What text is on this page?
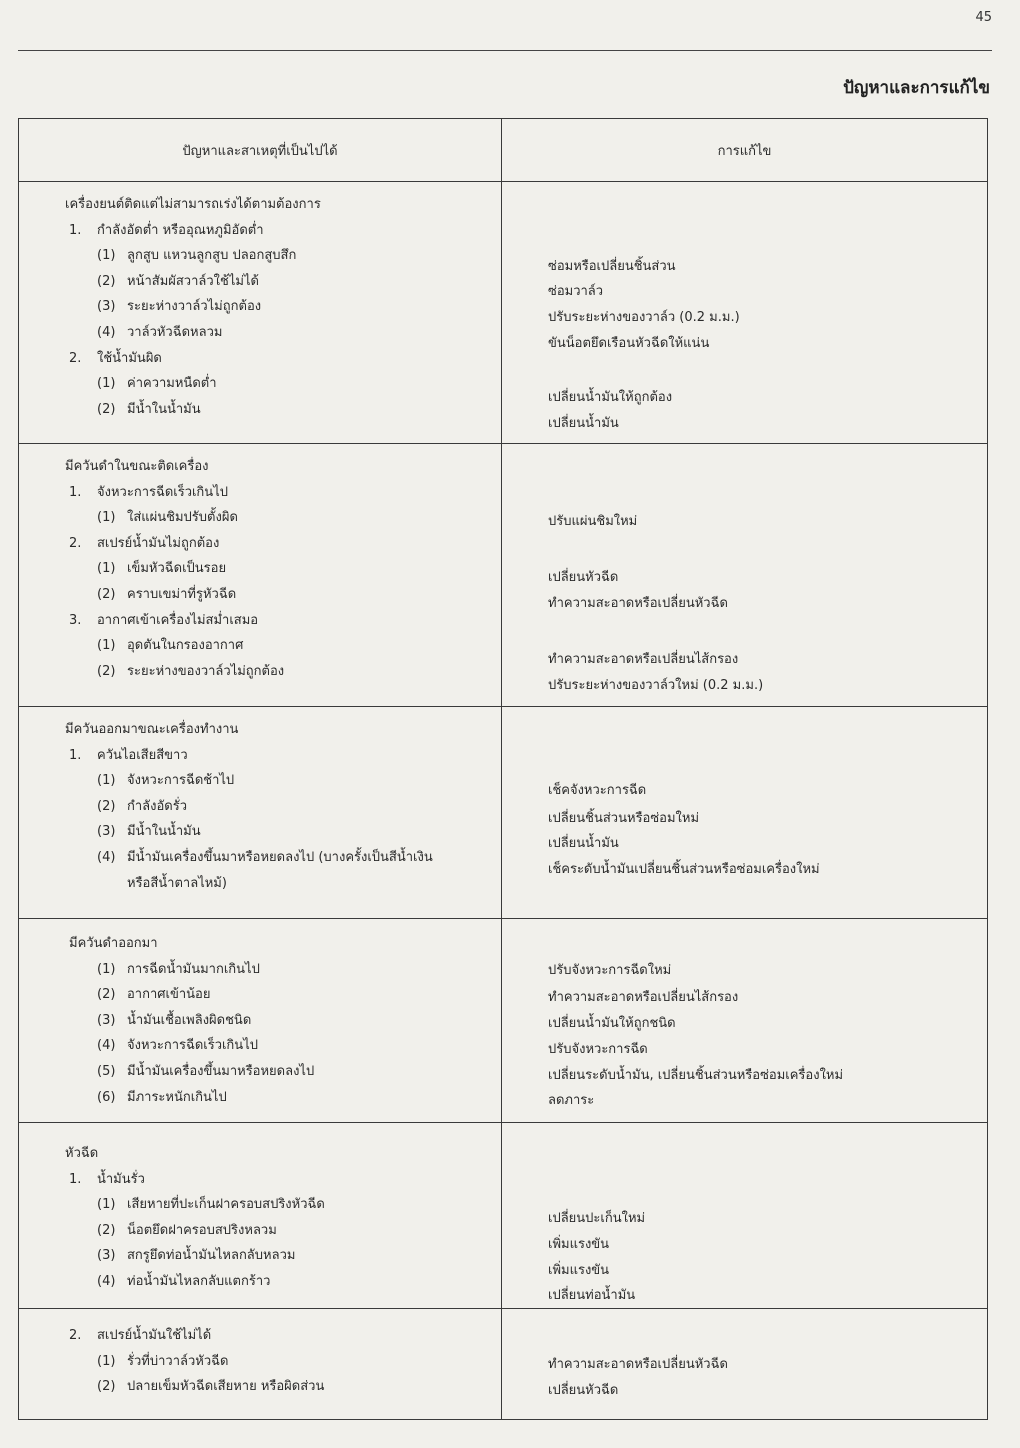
45
ปัญหาและการแก้ไข
ปัญหาและสาเหตุที่เป็นไปได้	การแก้ไข
เครื่องยนต์ติดแต่ไม่สามารถเร่งได้ตามต้องการ
1. กำลังอัดต่ำ หรืออุณหภูมิอัดต่ำ
(1) ลูกสูบ แหวนลูกสูบ ปลอกสูบสึก
(2) หน้าสัมผัสวาล์วใช้ไม่ได้
(3) ระยะห่างวาล์วไม่ถูกต้อง
(4) วาล์วหัวฉีดหลวม
2. ใช้น้ำมันผิด
(1) ค่าความหนืดต่ำ
(2) มีน้ำในน้ำมัน
ซ่อมหรือเปลี่ยนชิ้นส่วน
ซ่อมวาล์ว
ปรับระยะห่างของวาล์ว (0.2 ม.ม.)
ขันน็อตยึดเรือนหัวฉีดให้แน่น
เปลี่ยนน้ำมันให้ถูกต้อง
เปลี่ยนน้ำมัน
มีควันดำในขณะติดเครื่อง
1. จังหวะการฉีดเร็วเกินไป
(1) ใส่แผ่นชิมปรับตั้งผิด
2. สเปรย์น้ำมันไม่ถูกต้อง
(1) เข็มหัวฉีดเป็นรอย
(2) คราบเขม่าที่รูหัวฉีด
3. อากาศเข้าเครื่องไม่สม่ำเสมอ
(1) อุดตันในกรองอากาศ
(2) ระยะห่างของวาล์วไม่ถูกต้อง
ปรับแผ่นชิมใหม่
เปลี่ยนหัวฉีด
ทำความสะอาดหรือเปลี่ยนหัวฉีด
ทำความสะอาดหรือเปลี่ยนไส้กรอง
ปรับระยะห่างของวาล์วใหม่ (0.2 ม.ม.)
มีควันออกมาขณะเครื่องทำงาน
1. ควันไอเสียสีขาว
(1) จังหวะการฉีดช้าไป
(2) กำลังอัดรั่ว
(3) มีน้ำในน้ำมัน
(4) มีน้ำมันเครื่องขึ้นมาหรือหยดลงไป (บางครั้งเป็นสีน้ำเงิน
หรือสีน้ำตาลไหม้)
เช็คจังหวะการฉีด
เปลี่ยนชิ้นส่วนหรือซ่อมใหม่
เปลี่ยนน้ำมัน
เช็คระดับน้ำมันเปลี่ยนชิ้นส่วนหรือซ่อมเครื่องใหม่
มีควันดำออกมา
(1) การฉีดน้ำมันมากเกินไป
(2) อากาศเข้าน้อย
(3) น้ำมันเชื้อเพลิงผิดชนิด
(4) จังหวะการฉีดเร็วเกินไป
(5) มีน้ำมันเครื่องขึ้นมาหรือหยดลงไป
(6) มีภาระหนักเกินไป
ปรับจังหวะการฉีดใหม่
ทำความสะอาดหรือเปลี่ยนไส้กรอง
เปลี่ยนน้ำมันให้ถูกชนิด
ปรับจังหวะการฉีด
เปลี่ยนระดับน้ำมัน, เปลี่ยนชิ้นส่วนหรือซ่อมเครื่องใหม่
ลดภาระ
หัวฉีด
1. น้ำมันรั่ว
(1) เสียหายที่ปะเก็นฝาครอบสปริงหัวฉีด
(2) น็อตยึดฝาครอบสปริงหลวม
(3) สกรูยึดท่อน้ำมันไหลกลับหลวม
(4) ท่อน้ำมันไหลกลับแตกร้าว
เปลี่ยนปะเก็นใหม่
เพิ่มแรงขัน
เพิ่มแรงขัน
เปลี่ยนท่อน้ำมัน
2. สเปรย์น้ำมันใช้ไม่ได้
(1) รั่วที่บ่าวาล์วหัวฉีด
(2) ปลายเข็มหัวฉีดเสียหาย หรือผิดส่วน
ทำความสะอาดหรือเปลี่ยนหัวฉีด
เปลี่ยนหัวฉีด
